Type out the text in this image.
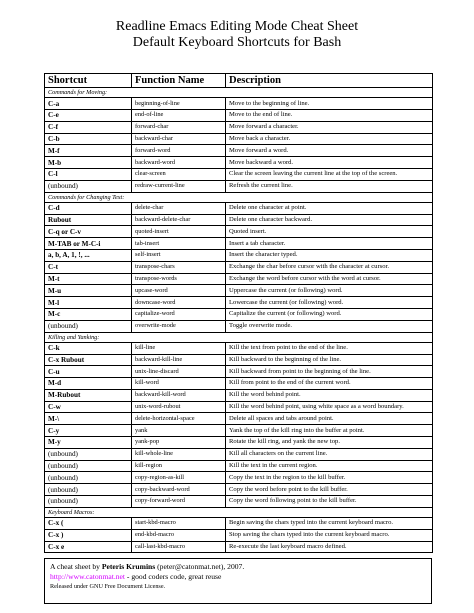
Readline Emacs Editing Mode Cheat Sheet
Default Keyboard Shortcuts for Bash
Shortcut	Function Name	Description
Commands for Moving:		
C-a	beginning-of-line	Move to the beginning of line.
C-e	end-of-line	Move to the end of line.
C-f	forward-char	Move forward a character.
C-b	backward-char	Move back a character.
M-f	forward-word	Move forward a word.
M-b	backward-word	Move backward a word.
C-l	clear-screen	Clear the screen leaving the current line at the top of the screen.
(unbound)	redraw-current-line	Refresh the current line.
Commands for Changing Text:		
C-d	delete-char	Delete one character at point.
Rubout	backward-delete-char	Delete one character backward.
C-q or C-v	quoted-insert	Quoted insert.
M-TAB or M-C-i	tab-insert	Insert a tab character.
a, b, A, 1, !, ...	self-insert	Insert the character typed.
C-t	transpose-chars	Exchange the char before cursor with the character at cursor.
M-t	transpose-words	Exchange the word before cursor with the word at cursor.
M-u	upcase-word	Uppercase the current (or following) word.
M-l	downcase-word	Lowercase the current (or following) word.
M-c	capitalize-word	Capitalize the current (or following) word.
(unbound)	overwrite-mode	Toggle overwrite mode.
Killing and Yanking:		
C-k	kill-line	Kill the text from point to the end of the line.
C-x Rubout	backward-kill-line	Kill backward to the beginning of the line.
C-u	unix-line-discard	Kill backward from point to the beginning of the line.
M-d	kill-word	Kill from point to the end of the current word.
M-Rubout	backward-kill-word	Kill the word behind point.
C-w	unix-word-rubout	Kill the word behind point, using white space as a word boundary.
M-\	delete-horizontal-space	Delete all spaces and tabs around point.
C-y	yank	Yank the top of the kill ring into the buffer at point.
M-y	yank-pop	Rotate the kill ring, and yank the new top.
(unbound)	kill-whole-line	Kill all characters on the current line.
(unbound)	kill-region	Kill the text in the current region.
(unbound)	copy-region-as-kill	Copy the text in the region to the kill buffer.
(unbound)	copy-backward-word	Copy the word before point to the kill buffer.
(unbound)	copy-forward-word	Copy the word following point to the kill buffer.
Keyboard Macros:		
C-x (	start-kbd-macro	Begin saving the chars typed into the current keyboard macro.
C-x )	end-kbd-macro	Stop saving the chars typed into the current keyboard macro.
C-x e	call-last-kbd-macro	Re-execute the last keyboard macro defined.
A cheat sheet by Peteris Krumins (peter@catonmat.net), 2007.
http://www.catonmat.net - good coders code, great reuse
Released under GNU Free Document License.
